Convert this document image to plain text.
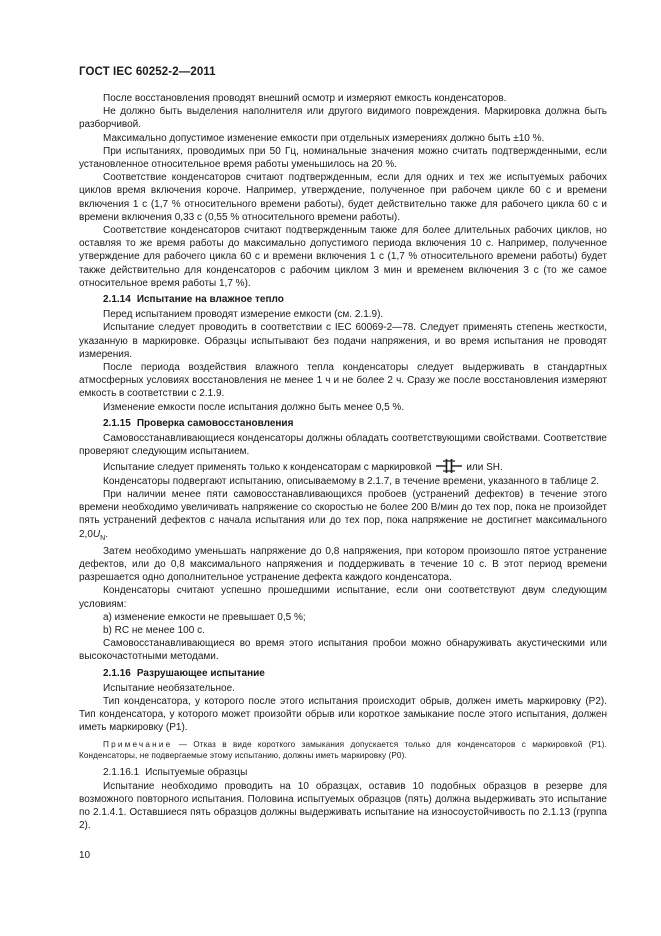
ГОСТ IEC 60252-2—2011

После восстановления проводят внешний осмотр и измеряют емкость конденсаторов.

Не должно быть выделения наполнителя или другого видимого повреждения. Маркировка должна быть разборчивой.

Максимально допустимое изменение емкости при отдельных измерениях должно быть ±10 %.

При испытаниях, проводимых при 50 Гц, номинальные значения можно считать подтвержденными, если установленное относительное время работы уменьшилось на 20 %.

Соответствие конденсаторов считают подтвержденным, если для одних и тех же испытуемых рабочих циклов время включения короче. Например, утверждение, полученное при рабочем цикле 60 с и времени включения 1 с (1,7 % относительного времени работы), будет действительно также для рабочего цикла 60 с и времени включения 0,33 с (0,55 % относительного времени работы).

Соответствие конденсаторов считают подтвержденным также для более длительных рабочих циклов, но оставляя то же время работы до максимально допустимого периода включения 10 с. Например, полученное утверждение для рабочего цикла 60 с и времени включения 1 с (1,7 % относительного времени работы) будет также действительно для конденсаторов с рабочим циклом 3 мин и временем включения 3 с (то же самое относительное время работы 1,7 %).

2.1.14 Испытание на влажное тепло

Перед испытанием проводят измерение емкости (см. 2.1.9).

Испытание следует проводить в соответствии с IEC 60069-2—78. Следует применять степень жесткости, указанную в маркировке. Образцы испытывают без подачи напряжения, и во время испытания не проводят измерения.

После периода воздействия влажного тепла конденсаторы следует выдерживать в стандартных атмосферных условиях восстановления не менее 1 ч и не более 2 ч. Сразу же после восстановления измеряют емкость в соответствии с 2.1.9.

Изменение емкости после испытания должно быть менее 0,5 %.

2.1.15 Проверка самовосстановления

Самовосстанавливающиеся конденсаторы должны обладать соответствующими свойствами. Соответствие проверяют следующим испытанием.

Испытание следует применять только к конденсаторам с маркировкой	или SH.

Конденсаторы подвергают испытанию, описываемому в 2.1.7, в течение времени, указанного в таблице 2.

При наличии менее пяти самовосстанавливающихся пробоев (устранений дефектов) в течение этого времени необходимо увеличивать напряжение со скоростью не более 200 В/мин до тех пор, пока не произойдет пять устранений дефектов с начала испытания или до тех пор, пока напряжение не достигнет максимального $2,0U_N$.

Затем необходимо уменьшать напряжение до 0,8 напряжения, при котором произошло пятое устранение дефектов, или до 0,8 максимального напряжения и поддерживать в течение 10 с. В этот период времени разрешается одно дополнительное устранение дефекта каждого конденсатора.

Конденсаторы считают успешно прошедшими испытание, если они соответствуют двум следующим условиям:

a) изменение емкости не превышает 0,5 %;

b) RC не менее 100 с.

Самовосстанавливающиеся во время этого испытания пробои можно обнаруживать акустическими или высокочастотными методами.

2.1.16 Разрушающее испытание

Испытание необязательное.

Тип конденсатора, у которого после этого испытания происходит обрыв, должен иметь маркировку (P2). Тип конденсатора, у которого может произойти обрыв или короткое замыкание после этого испытания, должен иметь маркировку (P1).

Примечание — Отказ в виде короткого замыкания допускается только для конденсаторов с маркировкой (P1). Конденсаторы, не подвергаемые этому испытанию, должны иметь маркировку (P0).

2.1.16.1 Испытуемые образцы

Испытание необходимо проводить на 10 образцах, оставив 10 подобных образцов в резерве для возможного повторного испытания. Половина испытуемых образцов (пять) должна выдерживать это испытание по 2.1.4.1. Оставшиеся пять образцов должны выдерживать испытание на износоустойчивость по 2.1.13 (группа 2).

10
